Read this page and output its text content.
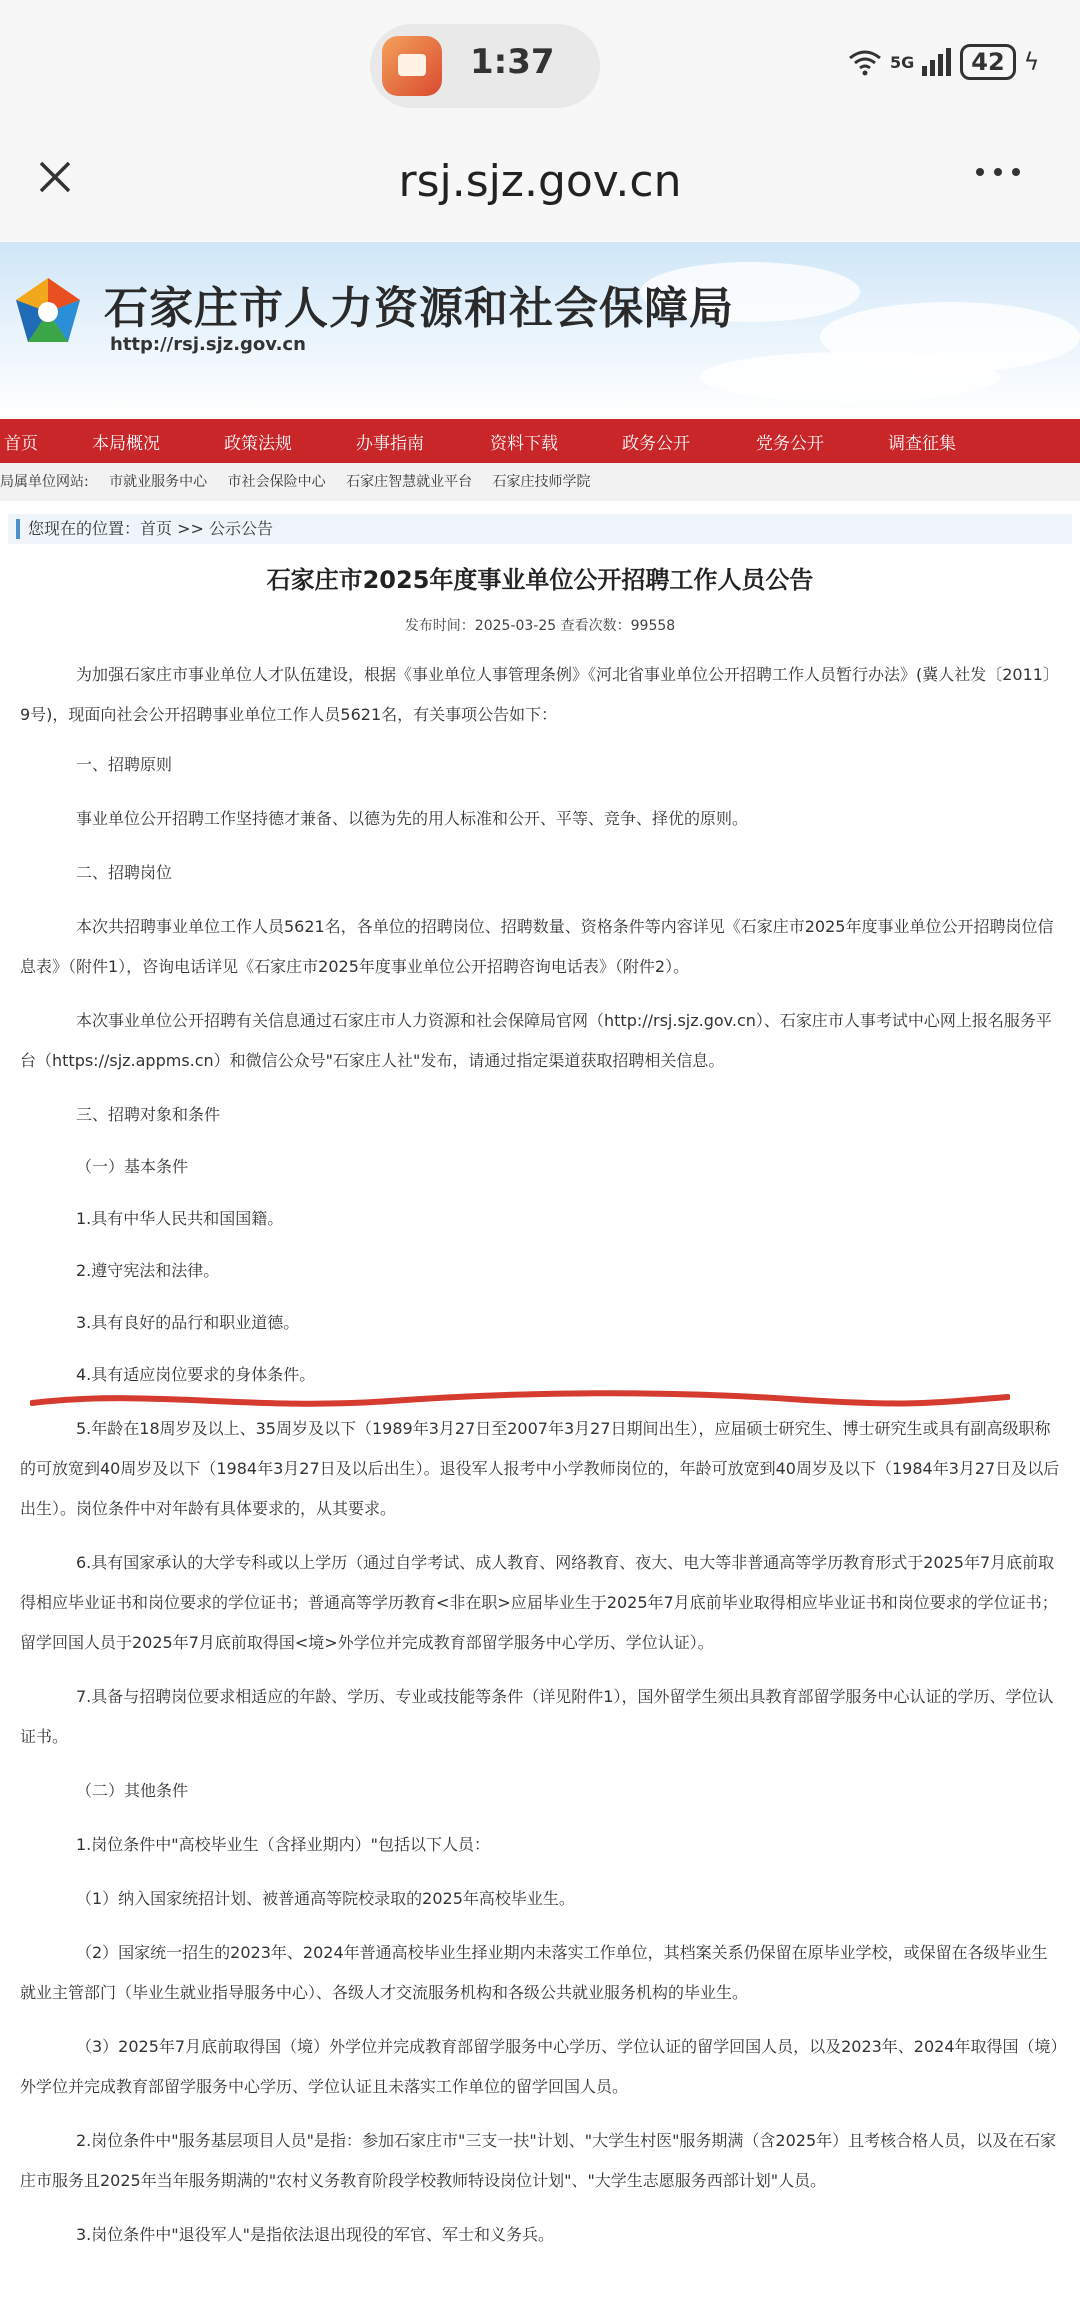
1:37	5G	42 ϟ
rsj.sjz.gov.cn
石家庄市人力资源和社会保障局
http://rsj.sjz.gov.cn
首页	本局概况	政策法规	办事指南	资料下载	政务公开	党务公开	调查征集
局属单位网站: 市就业服务中心 市社会保险中心 石家庄智慧就业平台 石家庄技师学院
您现在的位置：首页 >> 公示公告
石家庄市2025年度事业单位公开招聘工作人员公告
发布时间：2025-03-25 查看次数：99558
为加强石家庄市事业单位人才队伍建设，根据《事业单位人事管理条例》《河北省事业单位公开招聘工作人员暂行办法》(冀人社发〔2011〕9号)，现面向社会公开招聘事业单位工作人员5621名，有关事项公告如下：
一、招聘原则
事业单位公开招聘工作坚持德才兼备、以德为先的用人标准和公开、平等、竞争、择优的原则。
二、招聘岗位
本次共招聘事业单位工作人员5621名，各单位的招聘岗位、招聘数量、资格条件等内容详见《石家庄市2025年度事业单位公开招聘岗位信息表》（附件1），咨询电话详见《石家庄市2025年度事业单位公开招聘咨询电话表》（附件2）。
本次事业单位公开招聘有关信息通过石家庄市人力资源和社会保障局官网（http://rsj.sjz.gov.cn）、石家庄市人事考试中心网上报名服务平台（https://sjz.appms.cn）和微信公众号"石家庄人社"发布，请通过指定渠道获取招聘相关信息。
三、招聘对象和条件
（一）基本条件
1.具有中华人民共和国国籍。
2.遵守宪法和法律。
3.具有良好的品行和职业道德。
4.具有适应岗位要求的身体条件。
5.年龄在18周岁及以上、35周岁及以下（1989年3月27日至2007年3月27日期间出生），应届硕士研究生、博士研究生或具有副高级职称的可放宽到40周岁及以下（1984年3月27日及以后出生）。退役军人报考中小学教师岗位的，年龄可放宽到40周岁及以下（1984年3月27日及以后出生）。岗位条件中对年龄有具体要求的，从其要求。
6.具有国家承认的大学专科或以上学历（通过自学考试、成人教育、网络教育、夜大、电大等非普通高等学历教育形式于2025年7月底前取得相应毕业证书和岗位要求的学位证书；普通高等学历教育<非在职>应届毕业生于2025年7月底前毕业取得相应毕业证书和岗位要求的学位证书；留学回国人员于2025年7月底前取得国<境>外学位并完成教育部留学服务中心学历、学位认证）。
7.具备与招聘岗位要求相适应的年龄、学历、专业或技能等条件（详见附件1），国外留学生须出具教育部留学服务中心认证的学历、学位认证书。
（二）其他条件
1.岗位条件中"高校毕业生（含择业期内）"包括以下人员：
（1）纳入国家统招计划、被普通高等院校录取的2025年高校毕业生。
（2）国家统一招生的2023年、2024年普通高校毕业生择业期内未落实工作单位，其档案关系仍保留在原毕业学校，或保留在各级毕业生就业主管部门（毕业生就业指导服务中心）、各级人才交流服务机构和各级公共就业服务机构的毕业生。
（3）2025年7月底前取得国（境）外学位并完成教育部留学服务中心学历、学位认证的留学回国人员，以及2023年、2024年取得国（境）外学位并完成教育部留学服务中心学历、学位认证且未落实工作单位的留学回国人员。
2.岗位条件中"服务基层项目人员"是指：参加石家庄市"三支一扶"计划、"大学生村医"服务期满（含2025年）且考核合格人员，以及在石家庄市服务且2025年当年服务期满的"农村义务教育阶段学校教师特设岗位计划"、"大学生志愿服务西部计划"人员。
3.岗位条件中"退役军人"是指依法退出现役的军官、军士和义务兵。
